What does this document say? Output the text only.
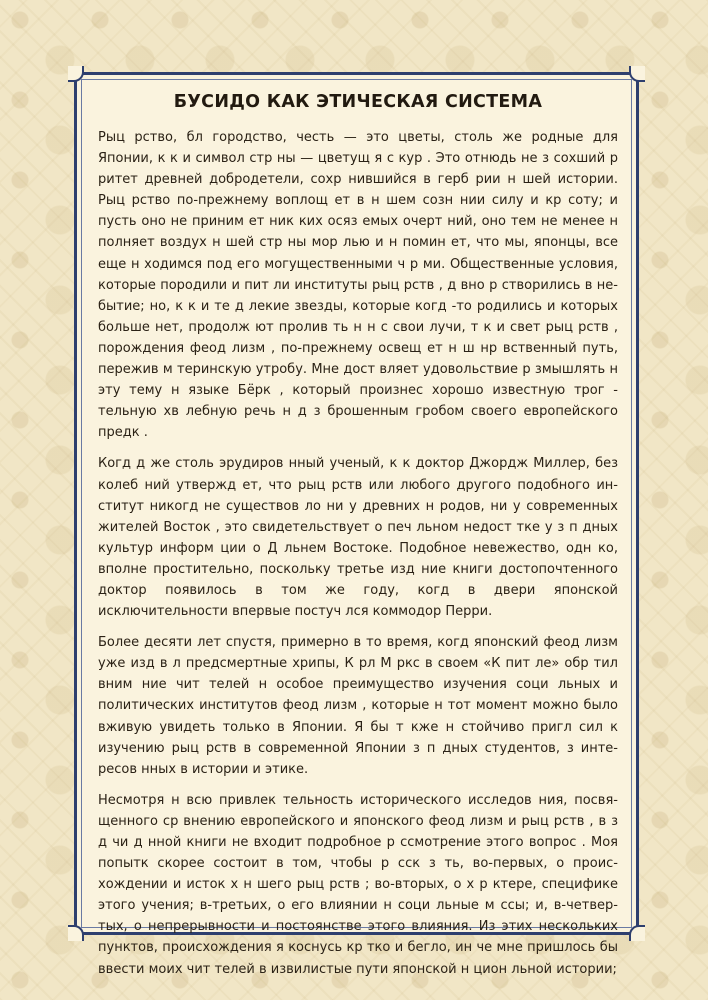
БУСИДО КАК ЭТИЧЕСКАЯ СИСТЕМА

Рыц рство, бл городство, честь — это цветы, столь же родные для Японии, к к и символ стр ны — цветущ я с кур . Это отнюдь не з сохший р ритет древней добродетели, сохр нившийся в герб рии н шей истории. Рыц рство по-прежнему воплощ ет в н шем созн нии силу и кр соту; и пусть оно не приним ет ник ких осяз емых очерт ний, оно тем не менее н полняет воздух н шей стр ны мор лью и н помин ет, что мы, японцы, все еще н ходимся под его могущественными ч р ми. Общественные условия, которые породили и пит ли институты рыц рств , д вно р створились в небытие; но, к к и те д лекие звезды, которые когд -то родились и которых больше нет, продолж ют пролив ть н н с свои лучи, т к и свет рыц рств , порождения феод лизм , по-прежнему освещ ет н ш нр вственный путь, пережив м теринскую утробу. Мне дост вляет удовольствие р змышлять н эту тему н языке Бёрк , который произнес хорошо известную трог тельную хв лебную речь н д з брошенным гробом своего европейского предк .

Когд д же столь эрудиров нный ученый, к к доктор Джордж Миллер, без колеб ний утвержд ет, что рыц рств или любого другого подобного институт никогд не существов ло ни у древних н родов, ни у современных жителей Восток , это свидетельствует о печ льном недост тке у з п дных культур информ ции о Д льнем Востоке. Подобное невежество, одн ко, вполне простительно, поскольку третье изд ние книги достопочтенного доктор появилось в том же году, когд в двери японской исключительности впервые постуч лся коммодор Перри.

Более десяти лет спустя, примерно в то время, когд японский феод лизм уже изд в л предсмертные хрипы, К рл М ркс в своем «К пит ле» обр тил вним ние чит телей н особое преимущество изучения соци льных и политических институтов феод лизм , которые н тот момент можно было вживую увидеть только в Японии. Я бы т кже н стойчиво пригл сил к изучению рыц рств в современной Японии з п дных студентов, з интересов нных в истории и этике.

Несмотря н всю привлек тельность исторического исследов ния, посвященного ср внению европейского и японского феод лизм и рыц рств , в з д чи д нной книги не входит подробное р ссмотрение этого вопрос . Моя попытк скорее состоит в том, чтобы р сск з ть, во-первых, о происхождении и исток х н шего рыц рств ; во-вторых, о х р ктере, специфике этого учения; в-третьих, о его влиянии н соци льные м ссы; и, в-четвертых, о непрерывности и постоянстве этого влияния. Из этих нескольких пунктов, происхождения я коснусь кр тко и бегло, ин че мне пришлось бы ввести моих чит телей в извилистые пути японской н цион льной истории;
